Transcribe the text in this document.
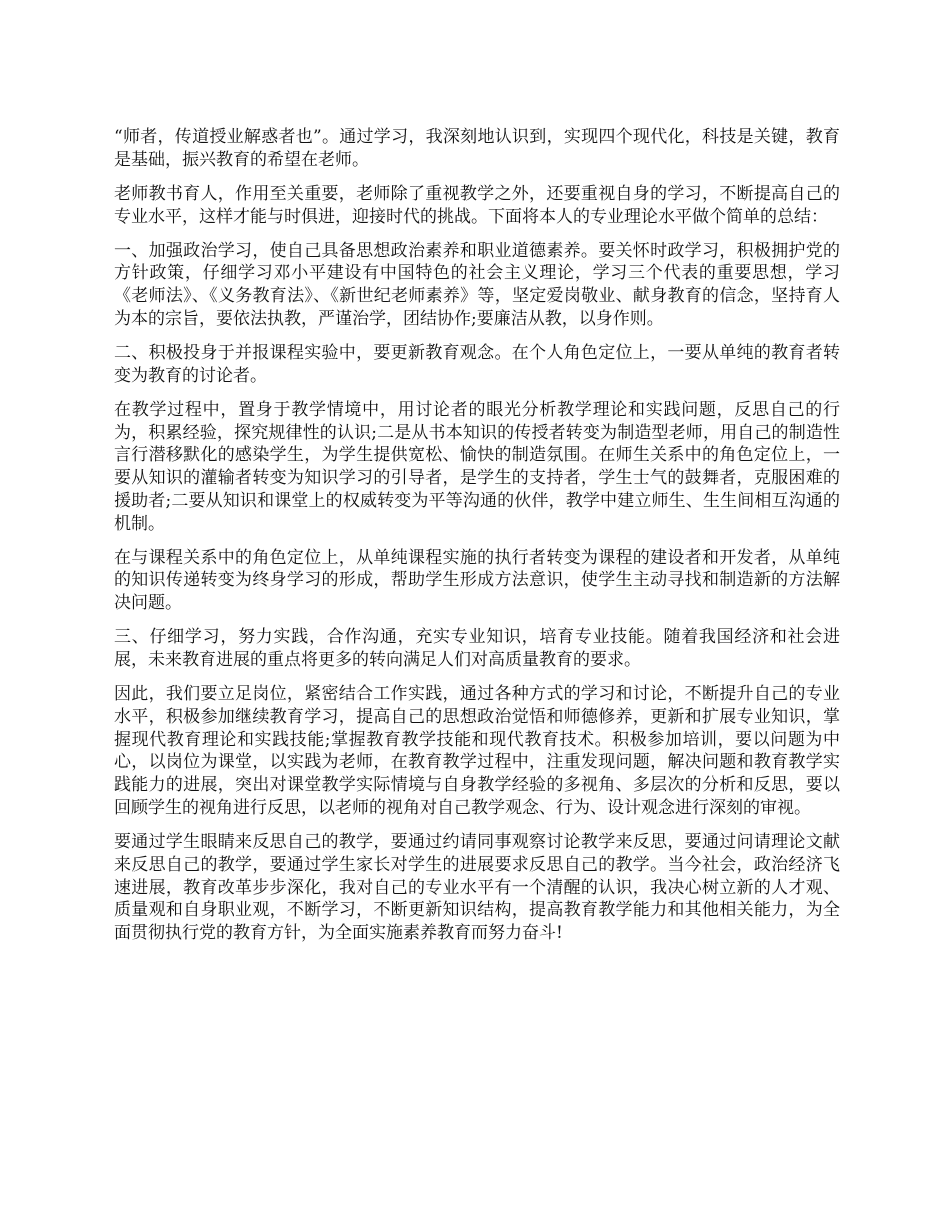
“师者，传道授业解惑者也”。通过学习，我深刻地认识到，实现四个现代化，科技是关键，教育是基础，振兴教育的希望在老师。

老师教书育人，作用至关重要，老师除了重视教学之外，还要重视自身的学习，不断提高自己的专业水平，这样才能与时俱进，迎接时代的挑战。下面将本人的专业理论水平做个简单的总结：

一、加强政治学习，使自己具备思想政治素养和职业道德素养。要关怀时政学习，积极拥护党的方针政策，仔细学习邓小平建设有中国特色的社会主义理论，学习三个代表的重要思想，学习《老师法》、《义务教育法》、《新世纪老师素养》等，坚定爱岗敬业、献身教育的信念，坚持育人为本的宗旨，要依法执教，严谨治学，团结协作;要廉洁从教，以身作则。

二、积极投身于并报课程实验中，要更新教育观念。在个人角色定位上，一要从单纯的教育者转变为教育的讨论者。

在教学过程中，置身于教学情境中，用讨论者的眼光分析教学理论和实践问题，反思自己的行为，积累经验，探究规律性的认识;二是从书本知识的传授者转变为制造型老师，用自己的制造性言行潜移默化的感染学生，为学生提供宽松、愉快的制造氛围。在师生关系中的角色定位上，一要从知识的灌输者转变为知识学习的引导者，是学生的支持者，学生士气的鼓舞者，克服困难的援助者;二要从知识和课堂上的权威转变为平等沟通的伙伴，教学中建立师生、生生间相互沟通的机制。

在与课程关系中的角色定位上，从单纯课程实施的执行者转变为课程的建设者和开发者，从单纯的知识传递转变为终身学习的形成，帮助学生形成方法意识，使学生主动寻找和制造新的方法解决问题。

三、仔细学习，努力实践，合作沟通，充实专业知识，培育专业技能。随着我国经济和社会进展，未来教育进展的重点将更多的转向满足人们对高质量教育的要求。

因此，我们要立足岗位，紧密结合工作实践，通过各种方式的学习和讨论，不断提升自己的专业水平，积极参加继续教育学习，提高自己的思想政治觉悟和师德修养，更新和扩展专业知识，掌握现代教育理论和实践技能;掌握教育教学技能和现代教育技术。积极参加培训，要以问题为中心，以岗位为课堂，以实践为老师，在教育教学过程中，注重发现问题，解决问题和教育教学实践能力的进展，突出对课堂教学实际情境与自身教学经验的多视角、多层次的分析和反思，要以回顾学生的视角进行反思，以老师的视角对自己教学观念、行为、设计观念进行深刻的审视。

要通过学生眼睛来反思自己的教学，要通过约请同事观察讨论教学来反思，要通过问请理论文献来反思自己的教学，要通过学生家长对学生的进展要求反思自己的教学。当今社会，政治经济飞速进展，教育改革步步深化，我对自己的专业水平有一个清醒的认识，我决心树立新的人才观、质量观和自身职业观，不断学习，不断更新知识结构，提高教育教学能力和其他相关能力，为全面贯彻执行党的教育方针，为全面实施素养教育而努力奋斗!
